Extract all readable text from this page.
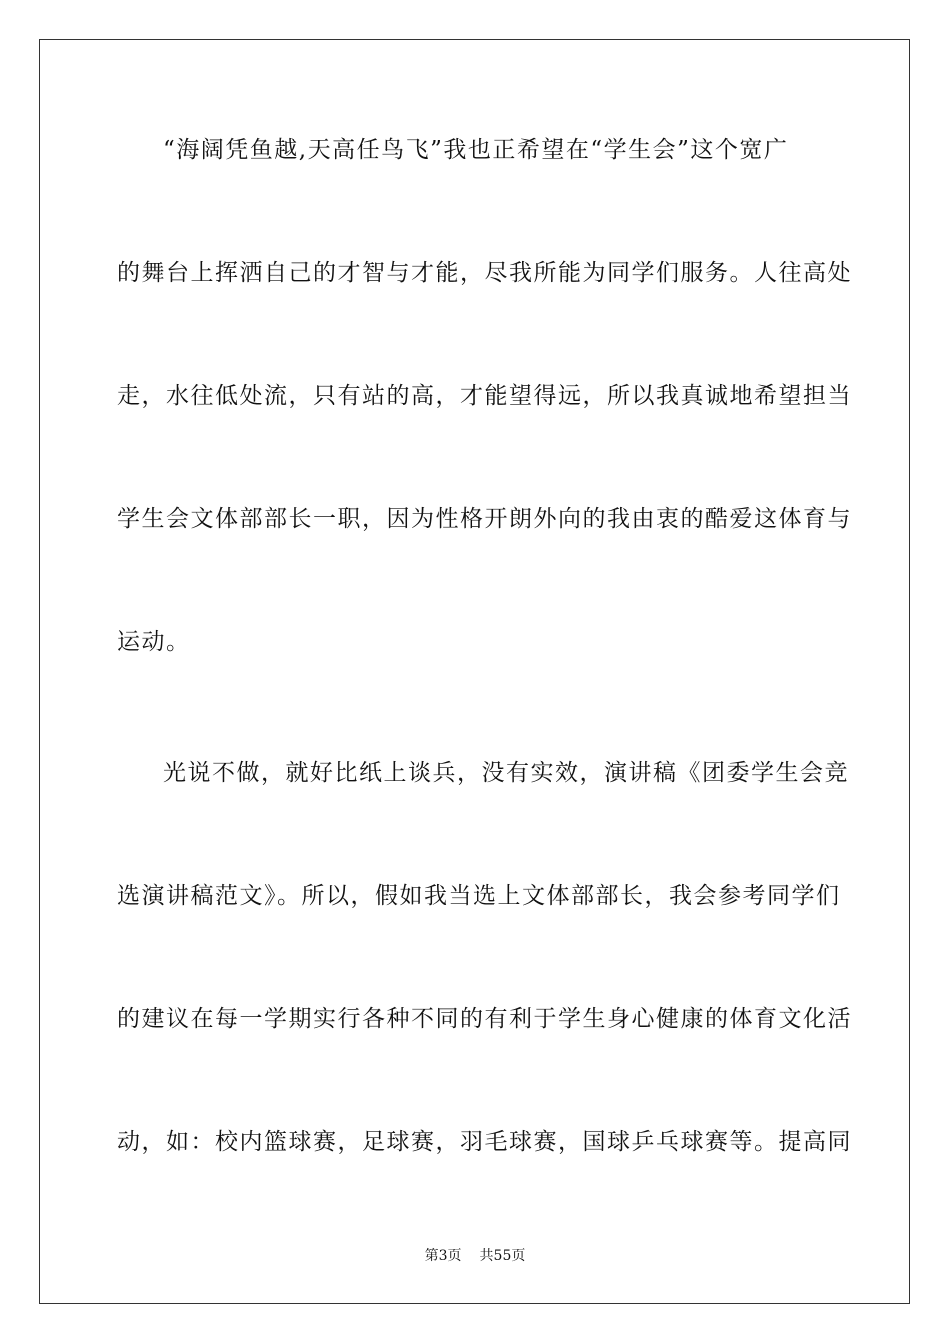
“海阔凭鱼越,天高任鸟飞”我也正希望在“学生会”这个宽广
的舞台上挥洒自己的才智与才能，尽我所能为同学们服务。人往高处
走，水往低处流，只有站的高，才能望得远，所以我真诚地希望担当
学生会文体部部长一职，因为性格开朗外向的我由衷的酷爱这体育与
运动。
光说不做，就好比纸上谈兵，没有实效，演讲稿《团委学生会竞
选演讲稿范文》。所以，假如我当选上文体部部长，我会参考同学们
的建议在每一学期实行各种不同的有利于学生身心健康的体育文化活
动，如：校内篮球赛，足球赛，羽毛球赛，国球乒乓球赛等。提高同
第3页 共55页
